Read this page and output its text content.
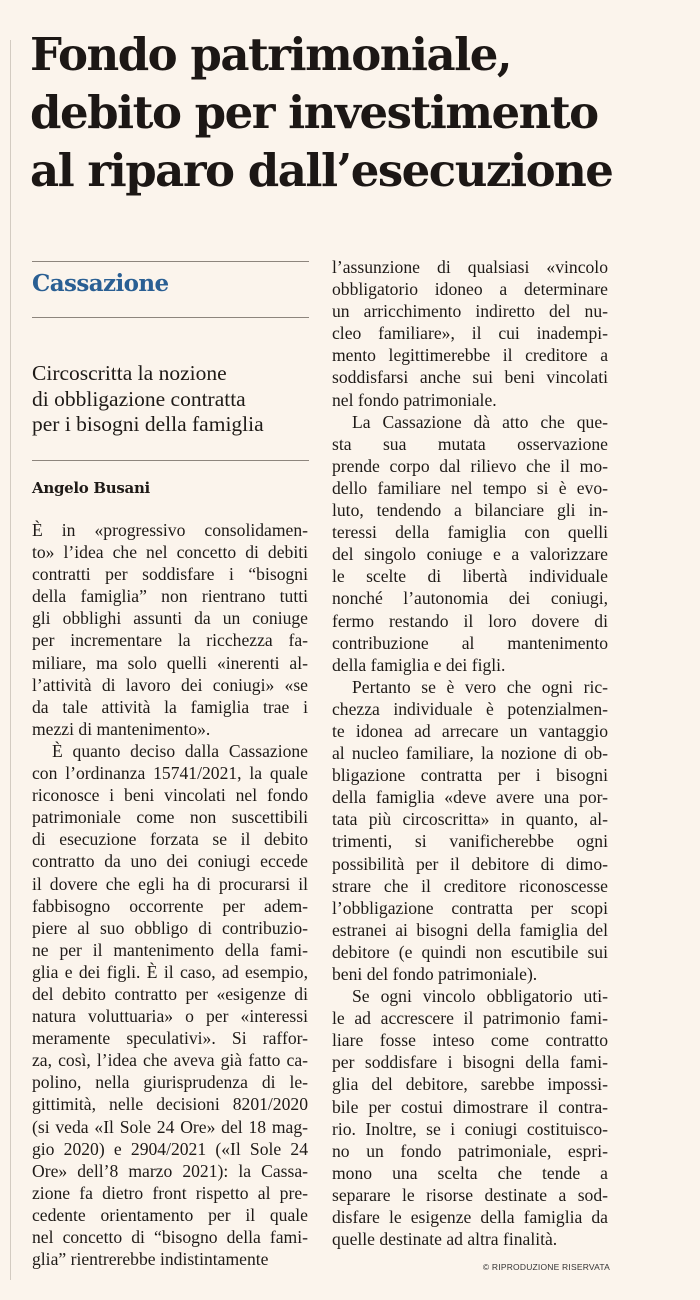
Fondo patrimoniale,
debito per investimento
al riparo dall’esecuzione

Cassazione

Circoscritta la nozione
di obbligazione contratta
per i bisogni della famiglia

Angelo Busani

È in «progressivo consolidamen-
to» l’idea che nel concetto di debiti
contratti per soddisfare i “bisogni
della famiglia” non rientrano tutti
gli obblighi assunti da un coniuge
per incrementare la ricchezza fa-
miliare, ma solo quelli «inerenti al-
l’attività di lavoro dei coniugi» «se
da tale attività la famiglia trae i
mezzi di mantenimento».
È quanto deciso dalla Cassazione
con l’ordinanza 15741/2021, la quale
riconosce i beni vincolati nel fondo
patrimoniale come non suscettibili
di esecuzione forzata se il debito
contratto da uno dei coniugi eccede
il dovere che egli ha di procurarsi il
fabbisogno occorrente per adem-
piere al suo obbligo di contribuzio-
ne per il mantenimento della fami-
glia e dei figli. È il caso, ad esempio,
del debito contratto per «esigenze di
natura voluttuaria» o per «interessi
meramente speculativi». Si raffor-
za, così, l’idea che aveva già fatto ca-
polino, nella giurisprudenza di le-
gittimità, nelle decisioni 8201/2020
(si veda «Il Sole 24 Ore» del 18 mag-
gio 2020) e 2904/2021 («Il Sole 24
Ore» dell’8 marzo 2021): la Cassa-
zione fa dietro front rispetto al pre-
cedente orientamento per il quale
nel concetto di “bisogno della fami-
glia” rientrerebbe indistintamente
l’assunzione di qualsiasi «vincolo
obbligatorio idoneo a determinare
un arricchimento indiretto del nu-
cleo familiare», il cui inadempi-
mento legittimerebbe il creditore a
soddisfarsi anche sui beni vincolati
nel fondo patrimoniale.
La Cassazione dà atto che que-
sta sua mutata osservazione
prende corpo dal rilievo che il mo-
dello familiare nel tempo si è evo-
luto, tendendo a bilanciare gli in-
teressi della famiglia con quelli
del singolo coniuge e a valorizzare
le scelte di libertà individuale
nonché l’autonomia dei coniugi,
fermo restando il loro dovere di
contribuzione al mantenimento
della famiglia e dei figli.
Pertanto se è vero che ogni ric-
chezza individuale è potenzialmen-
te idonea ad arrecare un vantaggio
al nucleo familiare, la nozione di ob-
bligazione contratta per i bisogni
della famiglia «deve avere una por-
tata più circoscritta» in quanto, al-
trimenti, si vanificherebbe ogni
possibilità per il debitore di dimo-
strare che il creditore riconoscesse
l’obbligazione contratta per scopi
estranei ai bisogni della famiglia del
debitore (e quindi non escutibile sui
beni del fondo patrimoniale).
Se ogni vincolo obbligatorio uti-
le ad accrescere il patrimonio fami-
liare fosse inteso come contratto
per soddisfare i bisogni della fami-
glia del debitore, sarebbe impossi-
bile per costui dimostrare il contra-
rio. Inoltre, se i coniugi costituisco-
no un fondo patrimoniale, espri-
mono una scelta che tende a
separare le risorse destinate a sod-
disfare le esigenze della famiglia da
quelle destinate ad altra finalità.
© RIPRODUZIONE RISERVATA
